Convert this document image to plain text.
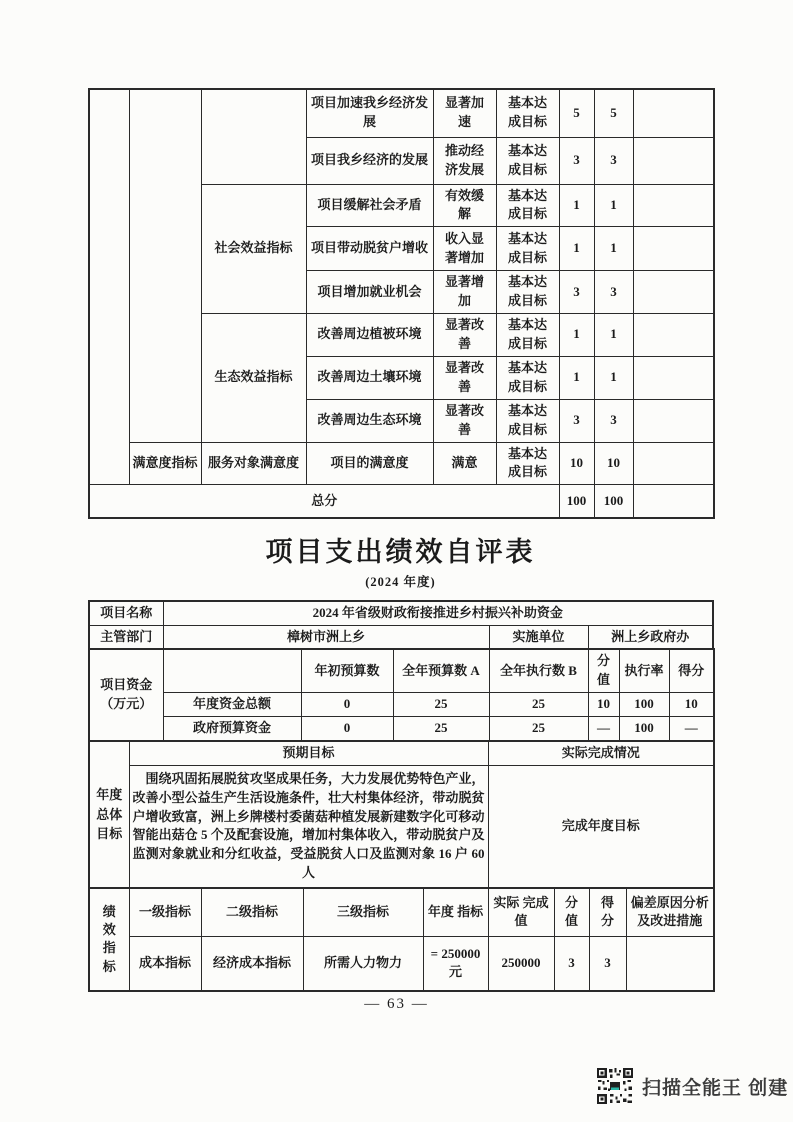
			项目加速我乡经济发展	显著加速	基本达成目标	5	5	
			项目我乡经济的发展	推动经济发展	基本达成目标	3	3	
		社会效益指标	项目缓解社会矛盾	有效缓解	基本达成目标	1	1	
			项目带动脱贫户增收	收入显著增加	基本达成目标	1	1	
			项目增加就业机会	显著增加	基本达成目标	3	3	
		生态效益指标	改善周边植被环境	显著改善	基本达成目标	1	1	
			改善周边土壤环境	显著改善	基本达成目标	1	1	
			改善周边生态环境	显著改善	基本达成目标	3	3	
	满意度指标	服务对象满意度	项目的满意度	满意	基本达成目标	10	10	
总分						100	100	
项目支出绩效自评表
(2024 年度)
项目名称	2024 年省级财政衔接推进乡村振兴补助资金		
主管部门	樟树市洲上乡	实施单位	洲上乡政府办
项目资金（万元）		年初预算数	全年预算数 A	全年执行数 B	分值	执行率	得分
	年度资金总额	0	25	25	10	100	10
	政府预算资金	0	25	25	—	100	—
年度总体目标	预期目标	实际完成情况

	围绕巩固拓展脱贫攻坚成果任务，大力发展优势特色产业，改善小型公益生产生活设施条件，壮大村集体经济，带动脱贫户增收致富，洲上乡牌楼村委菌菇种植发展新建数字化可移动智能出菇仓 5 个及配套设施，增加村集体收入，带动脱贫户及监测对象就业和分红收益，受益脱贫人口及监测对象 16 户 60 人	完成年度目标
绩效指标	一级指标	二级指标	三级指标	年度 指标	实际 完成值	分值	得分	偏差原因分析 及改进措施
	成本指标	经济成本指标	所需人力物力	= 250000 元	250000	3	3	
— 63 —
扫描全能王 创建
